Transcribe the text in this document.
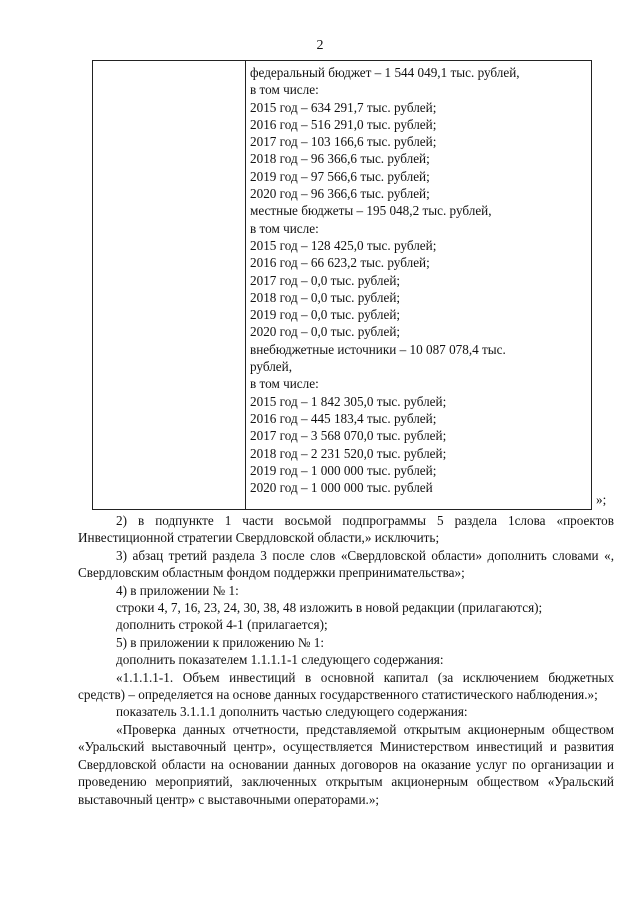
2

федеральный бюджет – 1 544 049,1 тыс. рублей,
в том числе:
2015 год – 634 291,7 тыс. рублей;
2016 год – 516 291,0 тыс. рублей;
2017 год – 103 166,6 тыс. рублей;
2018 год – 96 366,6 тыс. рублей;
2019 год – 97 566,6 тыс. рублей;
2020 год – 96 366,6 тыс. рублей;
местные бюджеты – 195 048,2 тыс. рублей,
в том числе:
2015 год – 128 425,0 тыс. рублей;
2016 год – 66 623,2 тыс. рублей;
2017 год – 0,0 тыс. рублей;
2018 год – 0,0 тыс. рублей;
2019 год – 0,0 тыс. рублей;
2020 год – 0,0 тыс. рублей;
внебюджетные источники – 10 087 078,4 тыс.
рублей,
в том числе:
2015 год – 1 842 305,0 тыс. рублей;
2016 год – 445 183,4 тыс. рублей;
2017 год – 3 568 070,0 тыс. рублей;
2018 год – 2 231 520,0 тыс. рублей;
2019 год – 1 000 000 тыс. рублей;
2020 год – 1 000 000 тыс. рублей
»;

2) в подпункте 1 части восьмой подпрограммы 5 раздела 1слова «проектов Инвестиционной стратегии Свердловской области,» исключить;

3) абзац третий раздела 3 после слов «Свердловской области» дополнить словами «, Свердловским областным фондом поддержки препринимательства»;

4) в приложении № 1:

строки 4, 7, 16, 23, 24, 30, 38, 48 изложить в новой редакции (прилагаются);

дополнить строкой 4-1 (прилагается);

5) в приложении к приложению № 1:

дополнить показателем 1.1.1.1-1 следующего содержания:

«1.1.1.1-1. Объем инвестиций в основной капитал (за исключением бюджетных средств) – определяется на основе данных государственного статистического наблюдения.»;

показатель 3.1.1.1 дополнить частью следующего содержания:

«Проверка данных отчетности, представляемой открытым акционерным обществом «Уральский выставочный центр», осуществляется Министерством инвестиций и развития Свердловской области на основании данных договоров на оказание услуг по организации и проведению мероприятий, заключенных открытым акционерным обществом «Уральский выставочный центр» с выставочными операторами.»;
